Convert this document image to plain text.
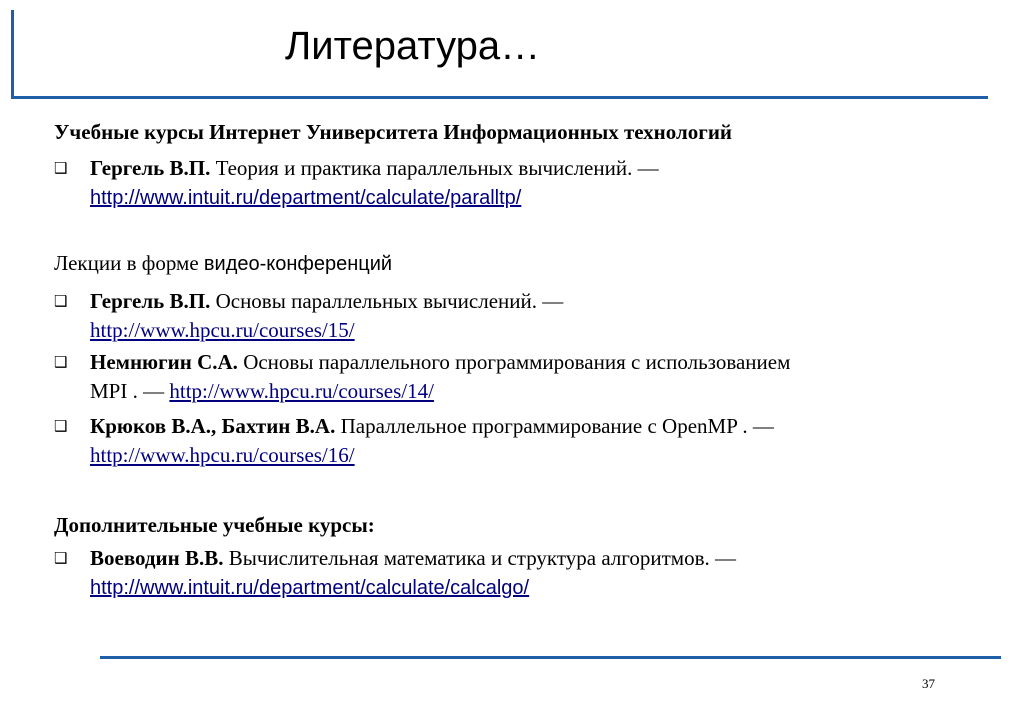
Литература…
Учебные курсы Интернет Университета Информационных технологий
❑	Гергель В.П. Теория и практика параллельных вычислений. —
http://www.intuit.ru/department/calculate/paralltp/
Лекции в форме видео-конференций
❑	Гергель В.П. Основы параллельных вычислений. —
http://www.hpcu.ru/courses/15/
❑	Немнюгин С.А. Основы параллельного программирования с использованием
MPI . — http://www.hpcu.ru/courses/14/
❑	Крюков В.А., Бахтин В.А. Параллельное программирование с OpenMP . —
http://www.hpcu.ru/courses/16/
Дополнительные учебные курсы:
❑	Воеводин В.В. Вычислительная математика и структура алгоритмов. —
http://www.intuit.ru/department/calculate/calcalgo/
37
